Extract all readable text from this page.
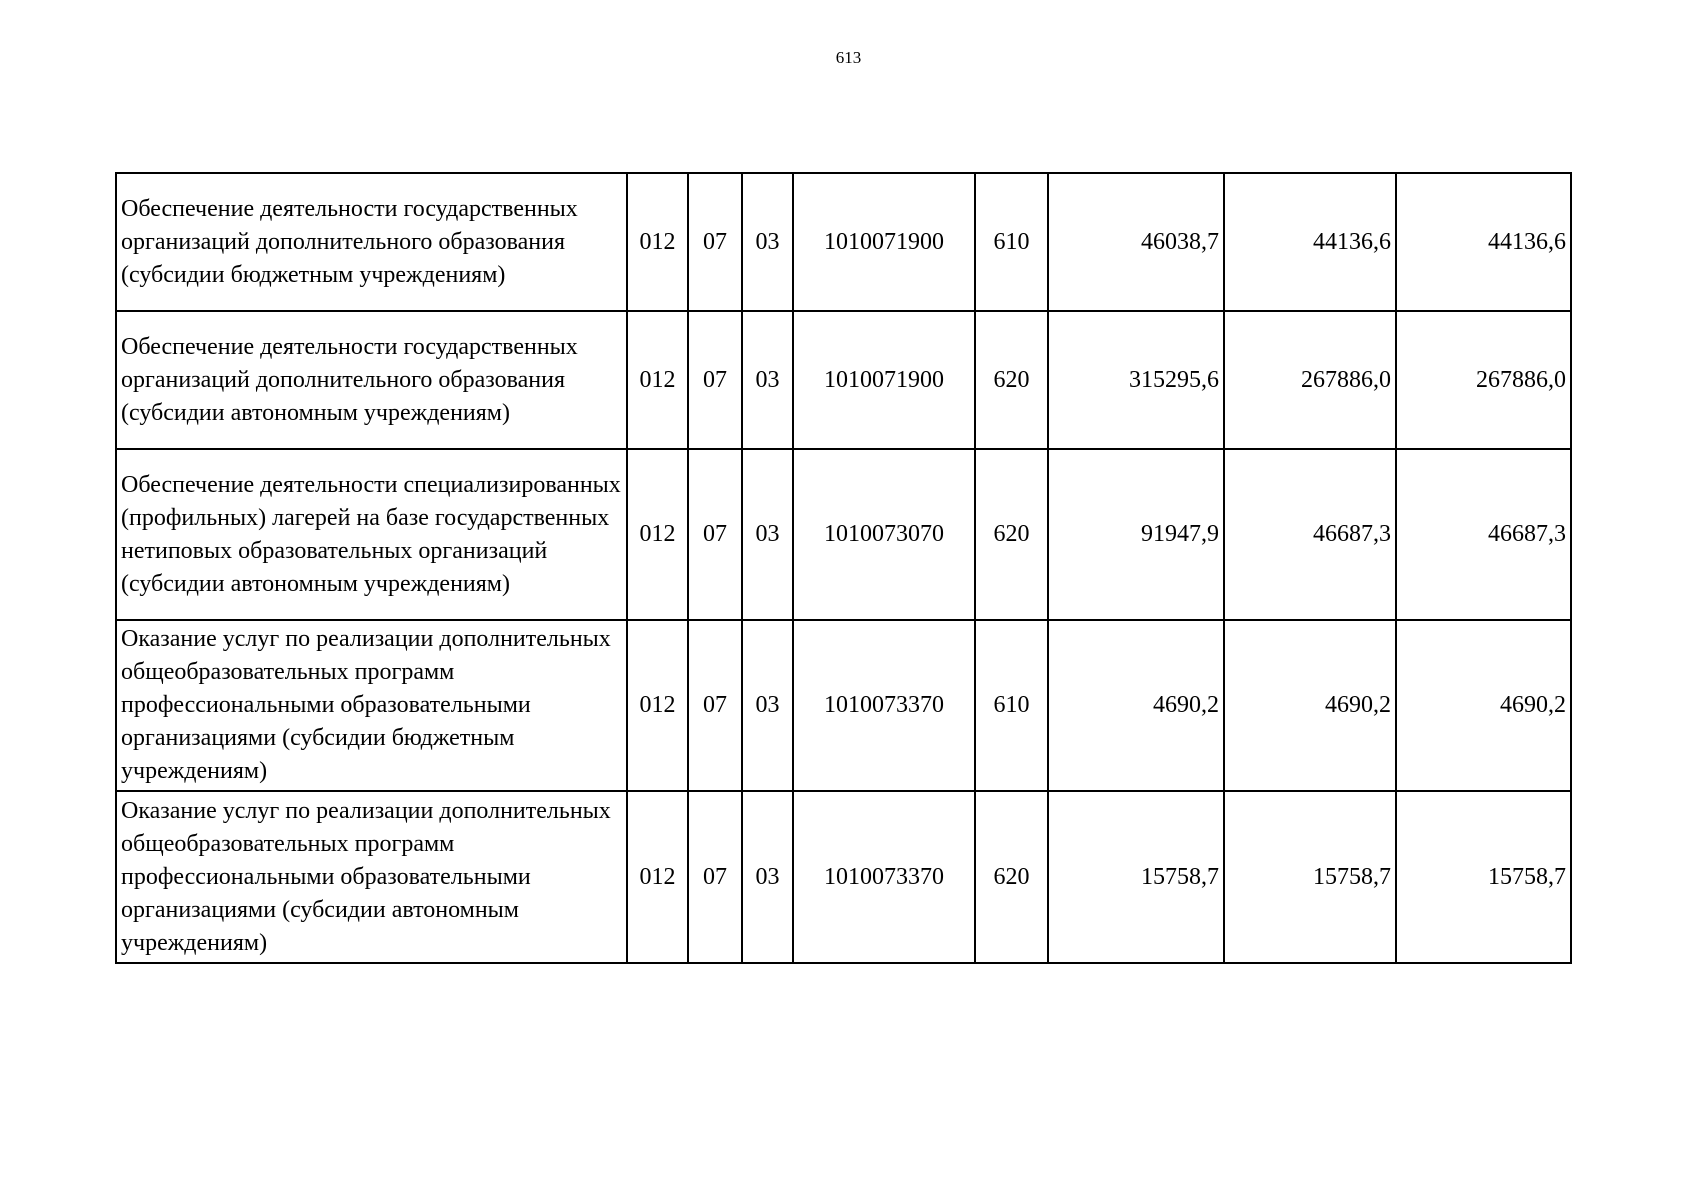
613
Обеспечение деятельности государственных организаций дополнительного образования (субсидии бюджетным учреждениям)	012	07	03	1010071900	610	46038,7	44136,6	44136,6
Обеспечение деятельности государственных организаций дополнительного образования (субсидии автономным учреждениям)	012	07	03	1010071900	620	315295,6	267886,0	267886,0
Обеспечение деятельности специализированных (профильных) лагерей на базе государственных нетиповых образовательных организаций (субсидии автономным учреждениям)	012	07	03	1010073070	620	91947,9	46687,3	46687,3
Оказание услуг по реализации дополнительных общеобразовательных программ профессиональными образовательными организациями (субсидии бюджетным учреждениям)	012	07	03	1010073370	610	4690,2	4690,2	4690,2
Оказание услуг по реализации дополнительных общеобразовательных программ профессиональными образовательными организациями (субсидии автономным учреждениям)	012	07	03	1010073370	620	15758,7	15758,7	15758,7
